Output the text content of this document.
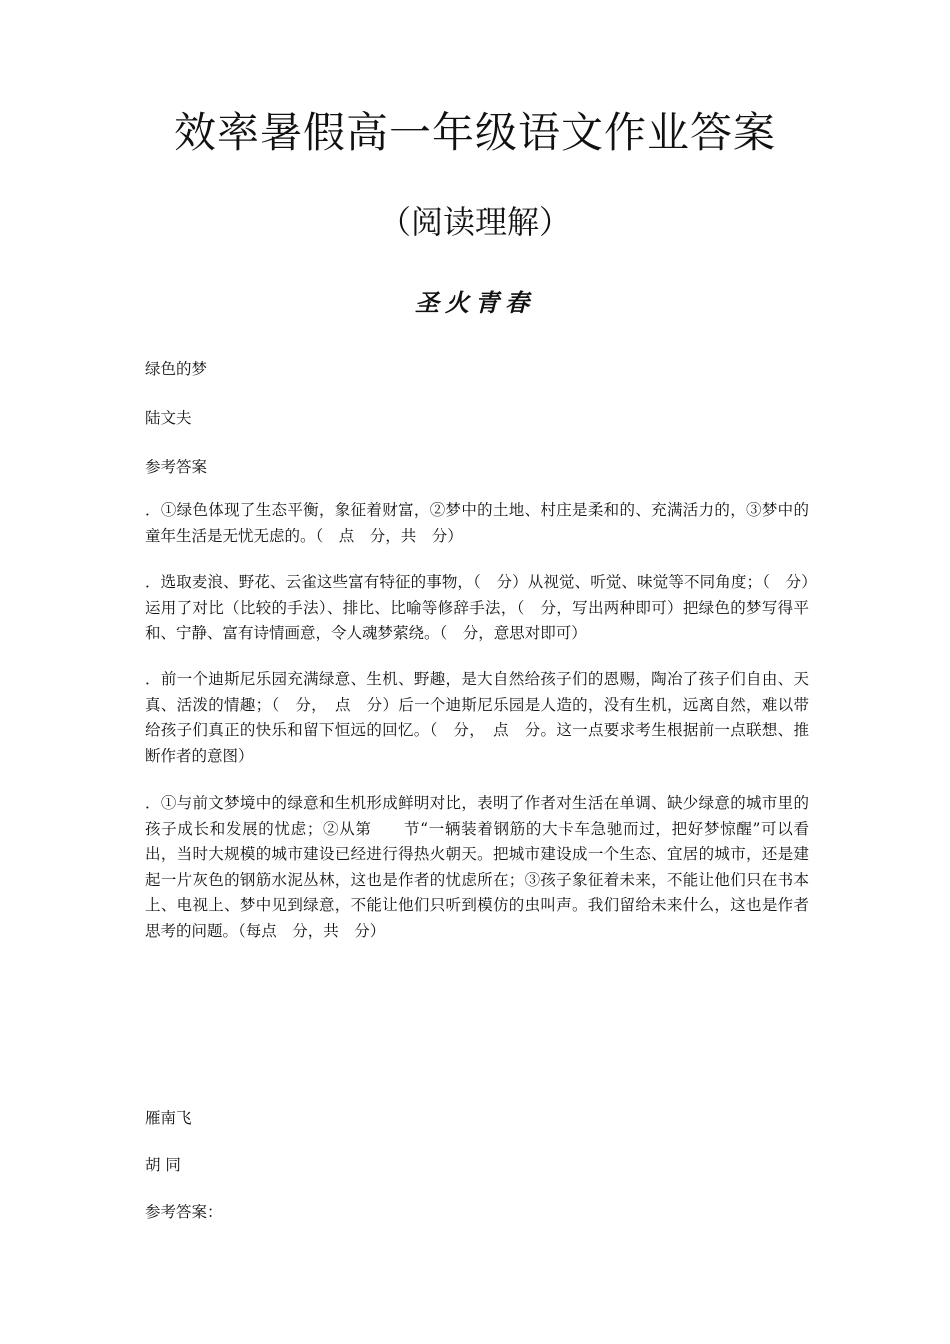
效率暑假高一年级语文作业答案
（阅读理解）
圣火青春

绿色的梦

陆文夫

参考答案

．①绿色体现了生态平衡，象征着财富，②梦中的土地、村庄是柔和的、充满活力的，③梦中的童年生活是无忧无虑的。（　点　分，共　分）

．选取麦浪、野花、云雀这些富有特征的事物，（　分）从视觉、听觉、味觉等不同角度；（　分）运用了对比（比较的手法）、排比、比喻等修辞手法，（　分，写出两种即可）把绿色的梦写得平和、宁静、富有诗情画意，令人魂梦萦绕。（　分，意思对即可）

．前一个迪斯尼乐园充满绿意、生机、野趣，是大自然给孩子们的恩赐，陶冶了孩子们自由、天真、活泼的情趣；（　分，　点　分）后一个迪斯尼乐园是人造的，没有生机，远离自然，难以带给孩子们真正的快乐和留下恒远的回忆。（　分，　点　分。这一点要求考生根据前一点联想、推断作者的意图）

．①与前文梦境中的绿意和生机形成鲜明对比，表明了作者对生活在单调、缺少绿意的城市里的孩子成长和发展的忧虑；②从第　　节“一辆装着钢筋的大卡车急驰而过，把好梦惊醒”可以看出，当时大规模的城市建设已经进行得热火朝天。把城市建设成一个生态、宜居的城市，还是建起一片灰色的钢筋水泥丛林，这也是作者的忧虑所在；③孩子象征着未来，不能让他们只在书本上、电视上、梦中见到绿意，不能让他们只听到模仿的虫叫声。我们留给未来什么，这也是作者思考的问题。（每点　分，共　分）

雁南飞

胡 同

参考答案：
